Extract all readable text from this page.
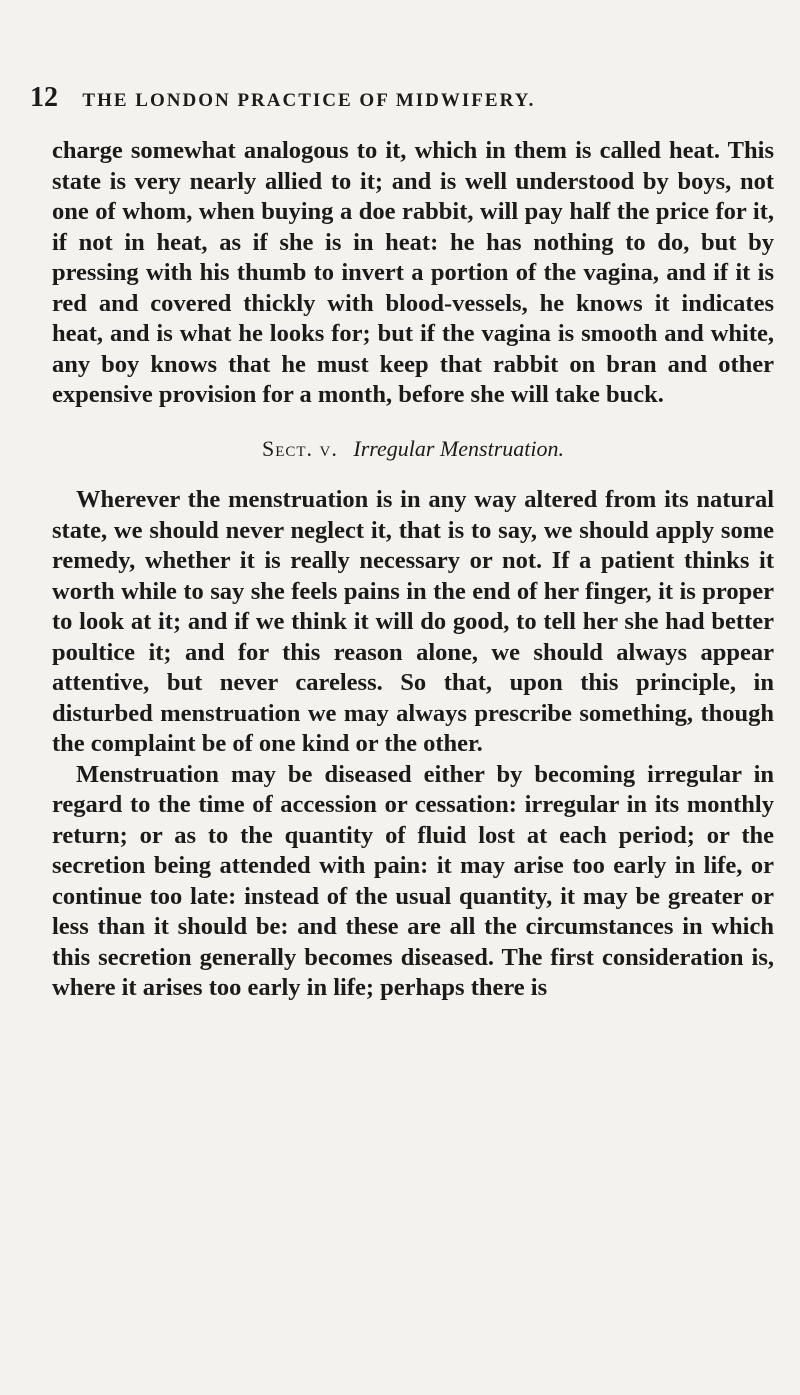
12 THE LONDON PRACTICE OF MIDWIFERY.

charge somewhat analogous to it, which in them is called heat. This state is very nearly allied to it; and is well understood by boys, not one of whom, when buying a doe rabbit, will pay half the price for it, if not in heat, as if she is in heat: he has nothing to do, but by pressing with his thumb to invert a portion of the vagina, and if it is red and covered thickly with blood-vessels, he knows it indicates heat, and is what he looks for; but if the vagina is smooth and white, any boy knows that he must keep that rabbit on bran and other expensive provision for a month, before she will take buck.

Sect. v. Irregular Menstruation.

Wherever the menstruation is in any way altered from its natural state, we should never neglect it, that is to say, we should apply some remedy, whether it is really necessary or not. If a patient thinks it worth while to say she feels pains in the end of her finger, it is proper to look at it; and if we think it will do good, to tell her she had better poultice it; and for this reason alone, we should always appear attentive, but never careless. So that, upon this principle, in disturbed menstruation we may always prescribe something, though the complaint be of one kind or the other.

Menstruation may be diseased either by becoming irregular in regard to the time of accession or cessation: irregular in its monthly return; or as to the quantity of fluid lost at each period; or the secretion being attended with pain: it may arise too early in life, or continue too late: instead of the usual quantity, it may be greater or less than it should be: and these are all the circumstances in which this secretion generally becomes diseased. The first consideration is, where it arises too early in life; perhaps there is
